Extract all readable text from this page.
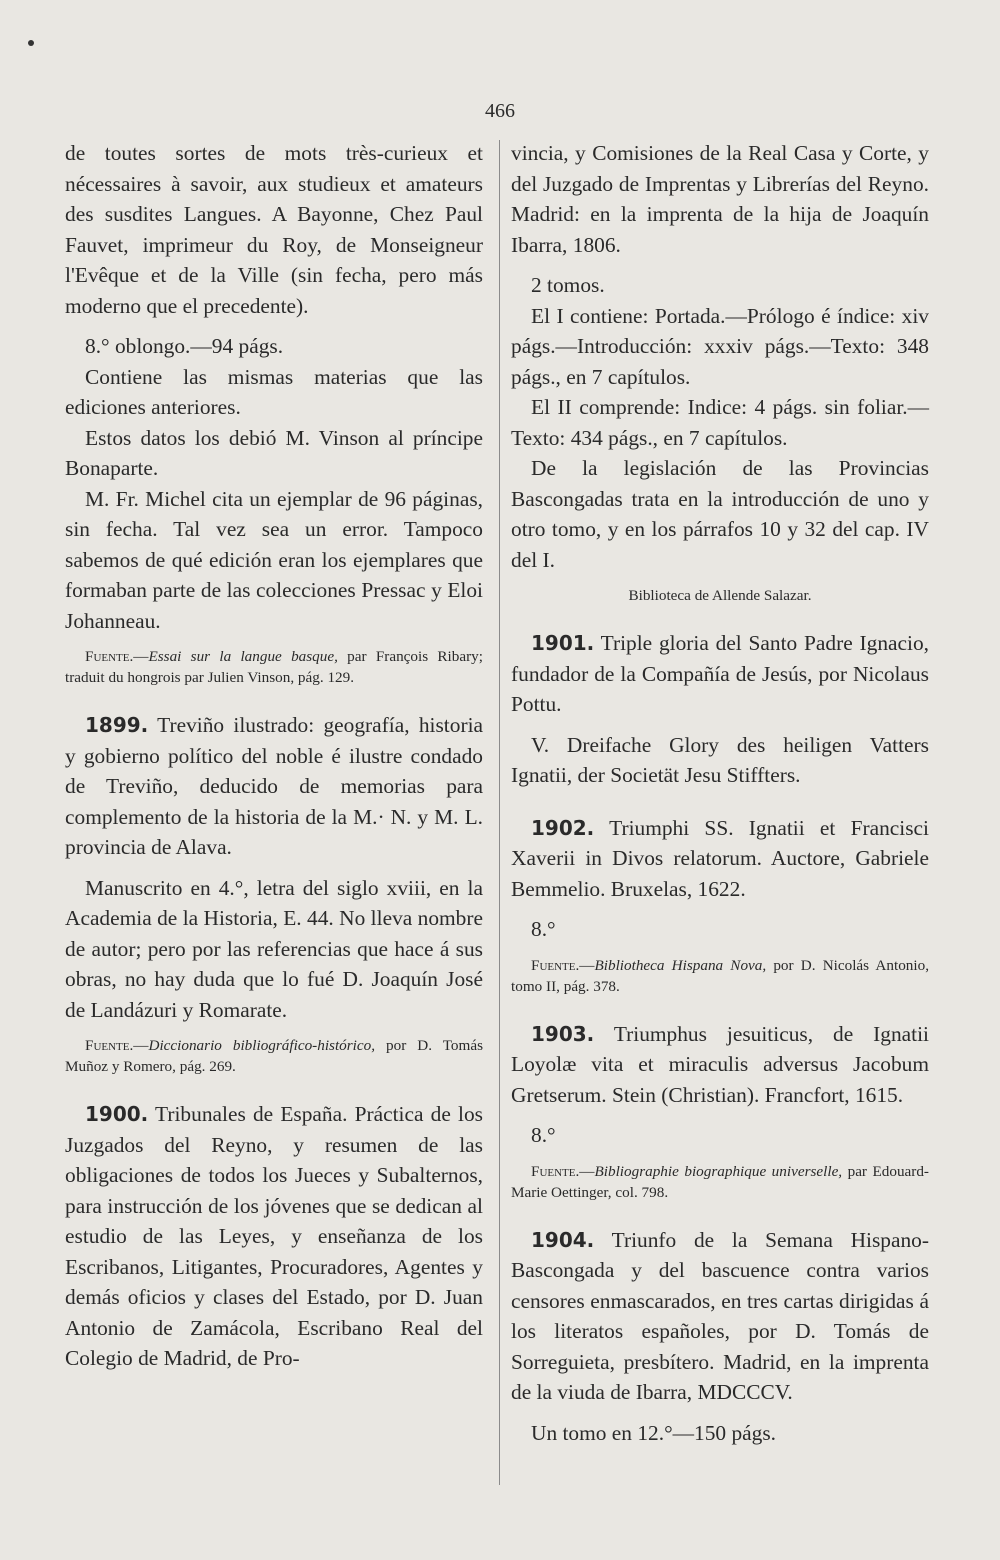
466

de toutes sortes de mots très-curieux et nécessaires à savoir, aux studieux et amateurs des susdites Langues. A Bayonne, Chez Paul Fauvet, imprimeur du Roy, de Monseigneur l'Evêque et de la Ville (sin fecha, pero más moderno que el precedente).

8.° oblongo.—94 págs.

Contiene las mismas materias que las ediciones anteriores.

Estos datos los debió M. Vinson al príncipe Bonaparte.

M. Fr. Michel cita un ejemplar de 96 páginas, sin fecha. Tal vez sea un error. Tampoco sabemos de qué edición eran los ejemplares que formaban parte de las colecciones Pressac y Eloi Johanneau.

Fuente.—Essai sur la langue basque, par François Ribary; traduit du hongrois par Julien Vinson, pág. 129.

1899. Treviño ilustrado: geografía, historia y gobierno político del noble é ilustre condado de Treviño, deducido de memorias para complemento de la historia de la M.· N. y M. L. provincia de Alava.

Manuscrito en 4.°, letra del siglo xviii, en la Academia de la Historia, E. 44. No lleva nombre de autor; pero por las referencias que hace á sus obras, no hay duda que lo fué D. Joaquín José de Landázuri y Romarate.

Fuente.—Diccionario bibliográfico-histórico, por D. Tomás Muñoz y Romero, pág. 269.

1900. Tribunales de España. Práctica de los Juzgados del Reyno, y resumen de las obligaciones de todos los Jueces y Subalternos, para instrucción de los jóvenes que se dedican al estudio de las Leyes, y enseñanza de los Escribanos, Litigantes, Procuradores, Agentes y demás oficios y clases del Estado, por D. Juan Antonio de Zamácola, Escribano Real del Colegio de Madrid, de Pro-

vincia, y Comisiones de la Real Casa y Corte, y del Juzgado de Imprentas y Librerías del Reyno. Madrid: en la imprenta de la hija de Joaquín Ibarra, 1806.

2 tomos.

El I contiene: Portada.—Prólogo é índice: xiv págs.—Introducción: xxxiv págs.—Texto: 348 págs., en 7 capítulos.

El II comprende: Indice: 4 págs. sin foliar.—Texto: 434 págs., en 7 capítulos.

De la legislación de las Provincias Bascongadas trata en la introducción de uno y otro tomo, y en los párrafos 10 y 32 del cap. IV del I.

Biblioteca de Allende Salazar.

1901. Triple gloria del Santo Padre Ignacio, fundador de la Compañía de Jesús, por Nicolaus Pottu.

V. Dreifache Glory des heiligen Vatters Ignatii, der Societät Jesu Stiffters.

1902. Triumphi SS. Ignatii et Francisci Xaverii in Divos relatorum. Auctore, Gabriele Bemmelio. Bruxelas, 1622.

8.°

Fuente.—Bibliotheca Hispana Nova, por D. Nicolás Antonio, tomo II, pág. 378.

1903. Triumphus jesuiticus, de Ignatii Loyolæ vita et miraculis adversus Jacobum Gretserum. Stein (Christian). Francfort, 1615.

8.°

Fuente.—Bibliographie biographique universelle, par Edouard-Marie Oettinger, col. 798.

1904. Triunfo de la Semana Hispano-Bascongada y del bascuence contra varios censores enmascarados, en tres cartas dirigidas á los literatos españoles, por D. Tomás de Sorreguieta, presbítero. Madrid, en la imprenta de la viuda de Ibarra, MDCCCV.

Un tomo en 12.°—150 págs.
